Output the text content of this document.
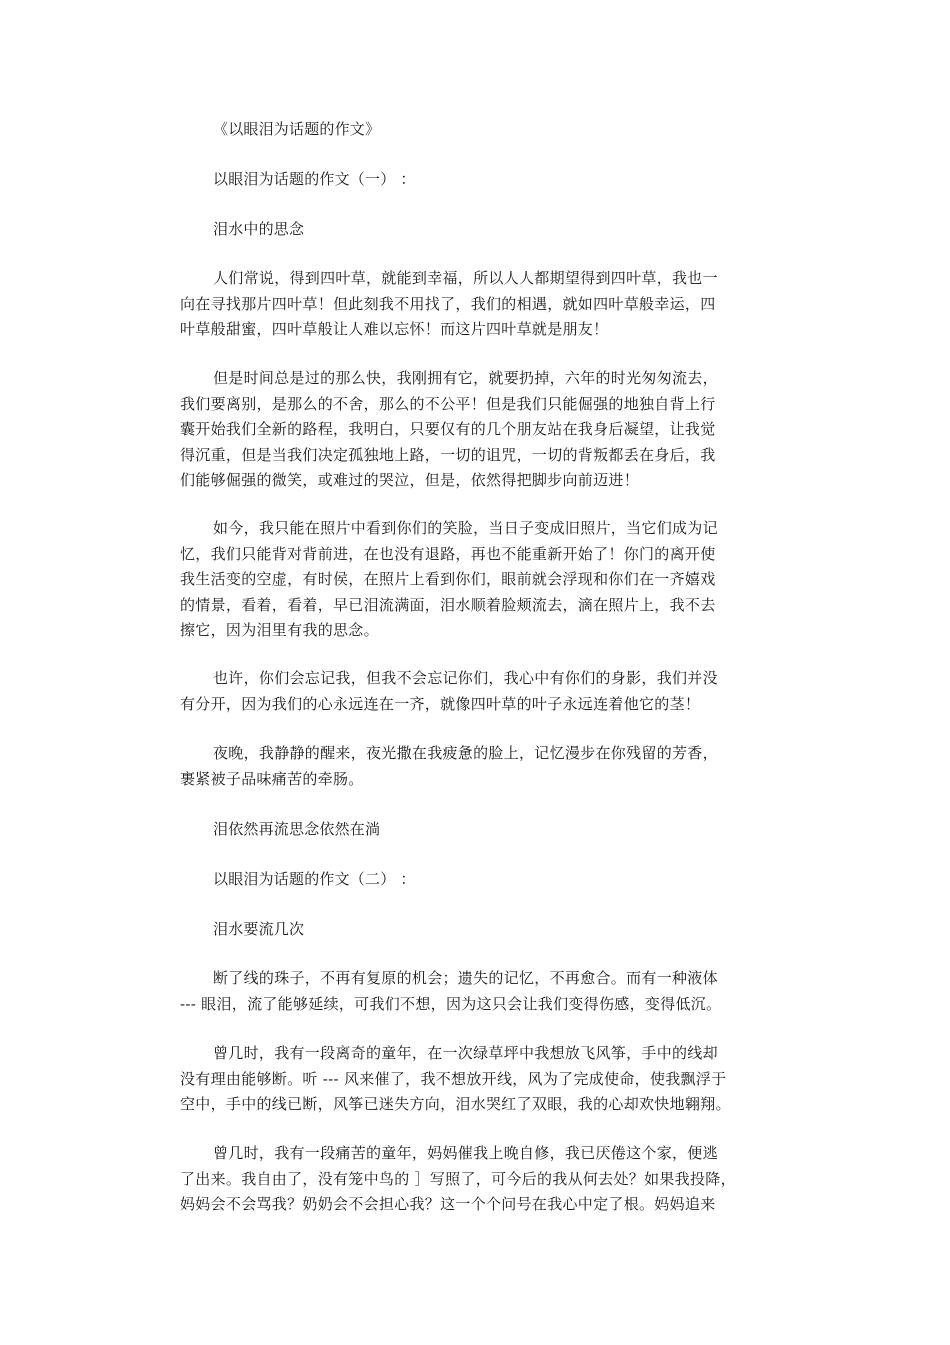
《以眼泪为话题的作文》
以眼泪为话题的作文（一） ：
泪水中的思念
人们常说，得到四叶草，就能到幸福，所以人人都期望得到四叶草，我也一
向在寻找那片四叶草！但此刻我不用找了，我们的相遇，就如四叶草般幸运，四
叶草般甜蜜，四叶草般让人难以忘怀！而这片四叶草就是朋友！
但是时间总是过的那么快，我刚拥有它，就要扔掉，六年的时光匆匆流去，
我们要离别，是那么的不舍，那么的不公平！但是我们只能倔强的地独自背上行
囊开始我们全新的路程，我明白，只要仅有的几个朋友站在我身后凝望，让我觉
得沉重，但是当我们决定孤独地上路，一切的诅咒，一切的背叛都丢在身后，我
们能够倔强的微笑，或难过的哭泣，但是，依然得把脚步向前迈进！
如今，我只能在照片中看到你们的笑脸，当日子变成旧照片，当它们成为记
忆，我们只能背对背前进，在也没有退路，再也不能重新开始了！你门的离开使
我生活变的空虚，有时侯，在照片上看到你们，眼前就会浮现和你们在一齐嬉戏
的情景，看着，看着，早已泪流满面，泪水顺着脸颊流去，滴在照片上，我不去
擦它，因为泪里有我的思念。
也许，你们会忘记我，但我不会忘记你们，我心中有你们的身影，我们并没
有分开，因为我们的心永远连在一齐，就像四叶草的叶子永远连着他它的茎！
夜晚，我静静的醒来，夜光撒在我疲惫的脸上，记忆漫步在你残留的芳香，
裹紧被子品味痛苦的牵肠。
泪依然再流思念依然在淌
以眼泪为话题的作文（二） ：
泪水要流几次
断了线的珠子，不再有复原的机会；遗失的记忆，不再愈合。而有一种液体
--- 眼泪，流了能够延续，可我们不想，因为这只会让我们变得伤感，变得低沉。
曾几时，我有一段离奇的童年，在一次绿草坪中我想放飞风筝，手中的线却
没有理由能够断。听 --- 风来催了，我不想放开线，风为了完成使命，使我飘浮于
空中，手中的线已断，风筝已迷失方向，泪水哭红了双眼，我的心却欢快地翱翔。
曾几时，我有一段痛苦的童年，妈妈催我上晚自修，我已厌倦这个家，便逃
了出来。我自由了，没有笼中鸟的 ］写照了，可今后的我从何去处？如果我投降，
妈妈会不会骂我？奶奶会不会担心我？这一个个问号在我心中定了根。妈妈追来
